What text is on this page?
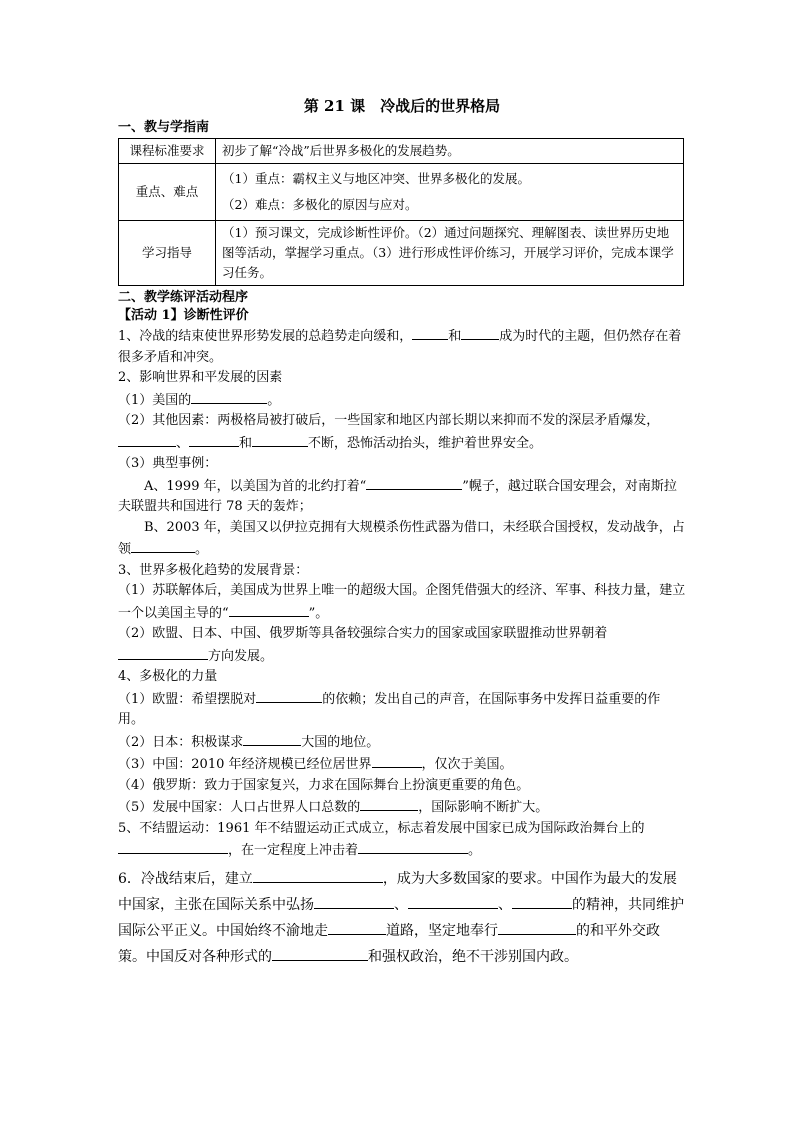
第 21 课　冷战后的世界格局
一、教与学指南
课程标准要求	初步了解“冷战”后世界多极化的发展趋势。
重点、难点	（1）重点：霸权主义与地区冲突、世界多极化的发展。
（2）难点：多极化的原因与应对。

学习指导	（1）预习课文，完成诊断性评价。（2）通过问题探究、理解图表、读世界历史地图等活动，掌握学习重点。（3）进行形成性评价练习，开展学习评价，完成本课学习任务。
二、教学练评活动程序
【活动 1】诊断性评价

1、冷战的结束使世界形势发展的总趋势走向缓和，	和	成为时代的主题，但仍然存在着很多矛盾和冲突。

2、影响世界和平发展的因素

（1）美国的	。

（2）其他因素：两极格局被打破后，一些国家和地区内部长期以来抑而不发的深层矛盾爆发，、	和	不断，恐怖活动抬头，维护着世界安全。

（3）典型事例：

A、1999 年，以美国为首的北约打着“	”幌子，越过联合国安理会，对南斯拉夫联盟共和国进行 78 天的轰炸；

B、2003 年，美国又以伊拉克拥有大规模杀伤性武器为借口，未经联合国授权，发动战争，占领	。

3、世界多极化趋势的发展背景：

（1）苏联解体后，美国成为世界上唯一的超级大国。企图凭借强大的经济、军事、科技力量，建立一个以美国主导的“	”。

（2）欧盟、日本、中国、俄罗斯等具备较强综合实力的国家或国家联盟推动世界朝着方向发展。

4、多极化的力量

（1）欧盟：希望摆脱对	的依赖；发出自己的声音，在国际事务中发挥日益重要的作用。

（2）日本：积极谋求	大国的地位。

（3）中国：2010 年经济规模已经位居世界	，仅次于美国。

（4）俄罗斯：致力于国家复兴，力求在国际舞台上扮演更重要的角色。

（5）发展中国家：人口占世界人口总数的	，国际影响不断扩大。

5、不结盟运动：1961 年不结盟运动正式成立，标志着发展中国家已成为国际政治舞台上的，在一定程度上冲击着	。

6．冷战结束后，建立	，成为大多数国家的要求。中国作为最大的发展中国家，主张在国际关系中弘扬	、	、	的精神，共同维护国际公平正义。中国始终不渝地走	道路，坚定地奉行	的和平外交政策。中国反对各种形式的	和强权政治，绝不干涉别国内政。
